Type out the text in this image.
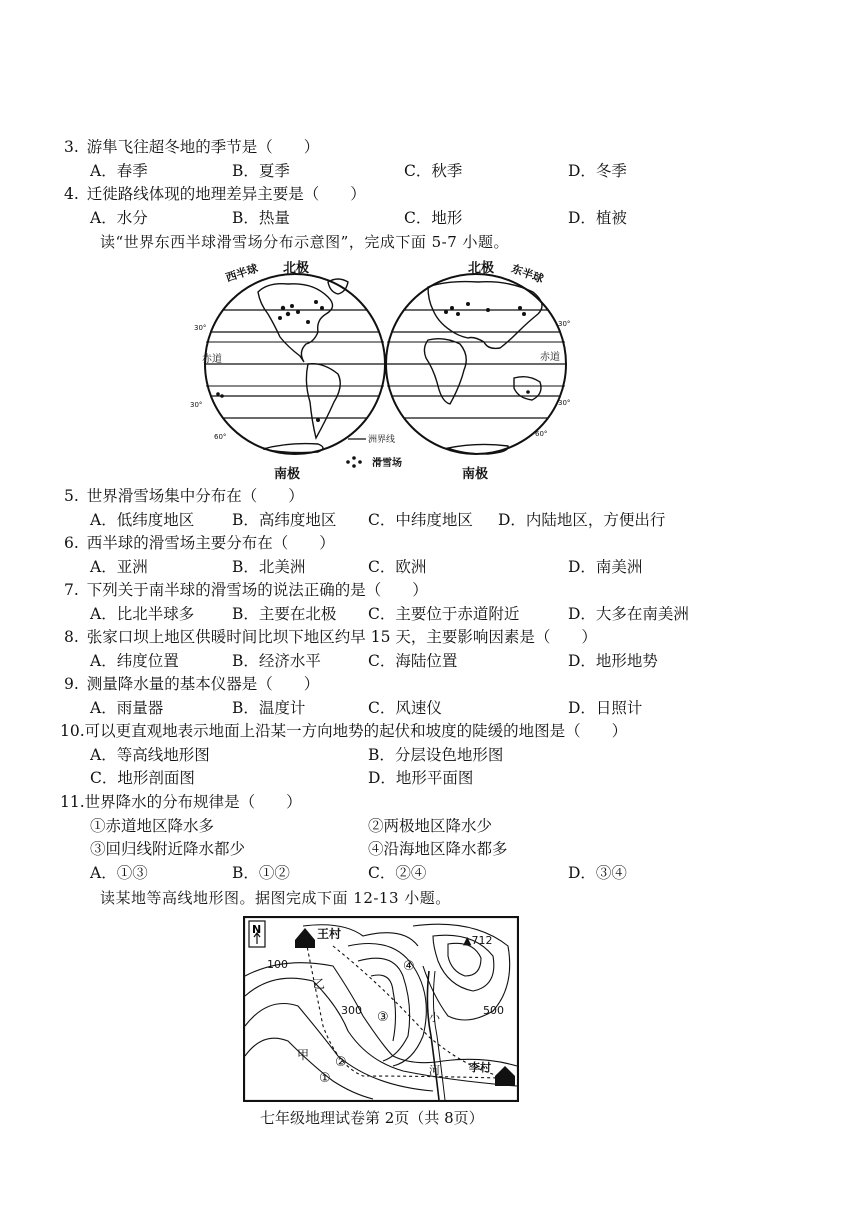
3. 游隼飞往超冬地的季节是（　　）
A．春季	B．夏季	C．秋季	D．冬季
4. 迁徙路线体现的地理差异主要是（　　）
A．水分	B．热量	C．地形	D．植被
读“世界东西半球滑雪场分布示意图”，完成下面 5-7 小题。
西半球 北极	北极 东半球
30°
赤道
30°
60°
30°
赤道
30°
60°
洲界线
南极	南极
滑雪场
5. 世界滑雪场集中分布在（　　）
A．低纬度地区 B．高纬度地区 C．中纬度地区 D．内陆地区，方便出行
6. 西半球的滑雪场主要分布在（　　）
A．亚洲	B．北美洲	C．欧洲	D．南美洲
7. 下列关于南半球的滑雪场的说法正确的是（　　）
A．比北半球多 B．主要在北极 C．主要位于赤道附近	D．大多在南美洲
8. 张家口坝上地区供暖时间比坝下地区约早 15 天，主要影响因素是（　　）
A．纬度位置	B．经济水平	C．海陆位置	D．地形地势
9. 测量降水量的基本仪器是（　　）
A．雨量器	B．温度计	C．风速仪	D．日照计
10.可以更直观地表示地面上沿某一方向地势的起伏和坡度的陡缓的地图是（　　）
A．等高线地形图	B．分层设色地形图
C．地形剖面图	D．地形平面图
11.世界降水的分布规律是（　　）
①赤道地区降水多	②两极地区降水少
③回归线附近降水都少	④沿海地区降水都多
A．①③	B．①②	C．②④	D．③④
读某地等高线地形图。据图完成下面 12-13 小题。
N	王村
李村
▲712
100
300	500
乙
甲
小
河
①
②
③
④
七年级地理试卷第 2页（共 8页）
